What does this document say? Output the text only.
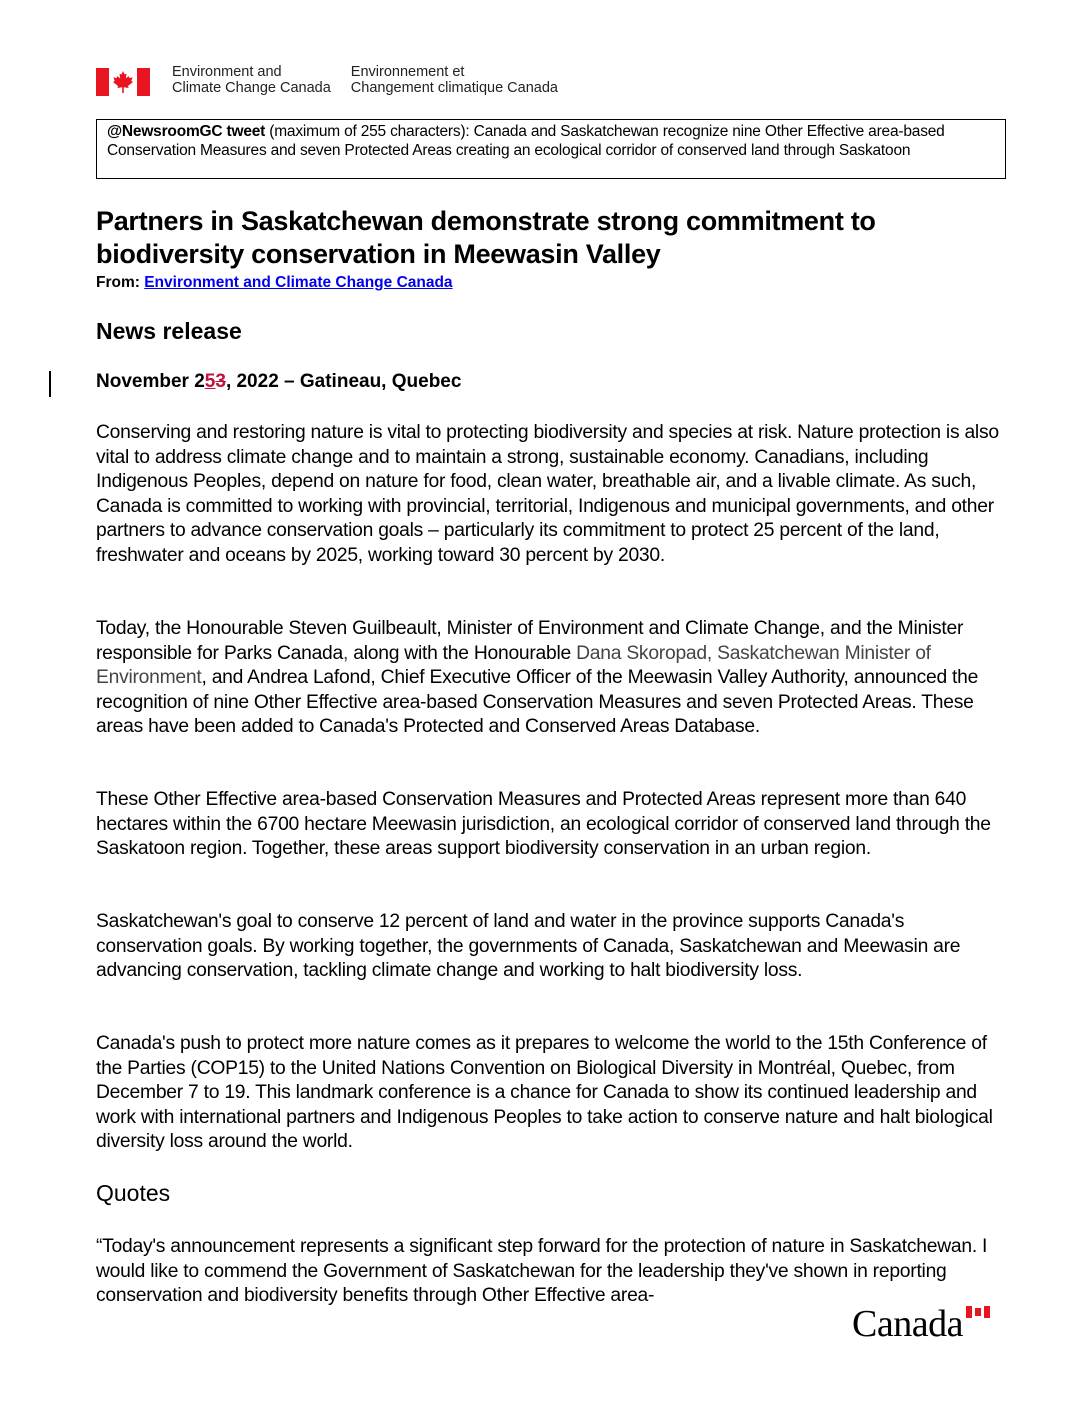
Environment and
Climate Change Canada
Environnement et
Changement climatique Canada
@NewsroomGC tweet (maximum of 255 characters): Canada and Saskatchewan recognize nine Other Effective area-based Conservation Measures and seven Protected Areas creating an ecological corridor of conserved land through Saskatoon
Partners in Saskatchewan demonstrate strong commitment to biodiversity conservation in Meewasin Valley
From: Environment and Climate Change Canada
News release
November 253, 2022 – Gatineau, Quebec

Conserving and restoring nature is vital to protecting biodiversity and species at risk. Nature protection is also vital to address climate change and to maintain a strong, sustainable economy. Canadians, including Indigenous Peoples, depend on nature for food, clean water, breathable air, and a livable climate. As such, Canada is committed to working with provincial, territorial, Indigenous and municipal governments, and other partners to advance conservation goals – particularly its commitment to protect 25 percent of the land, freshwater and oceans by 2025, working toward 30 percent by 2030.

Today, the Honourable Steven Guilbeault, Minister of Environment and Climate Change, and the Minister responsible for Parks Canada, along with the Honourable Dana Skoropad, Saskatchewan Minister of Environment, and Andrea Lafond, Chief Executive Officer of the Meewasin Valley Authority, announced the recognition of nine Other Effective area-based Conservation Measures and seven Protected Areas. These areas have been added to Canada's Protected and Conserved Areas Database.

These Other Effective area-based Conservation Measures and Protected Areas represent more than 640 hectares within the 6700 hectare Meewasin jurisdiction, an ecological corridor of conserved land through the Saskatoon region. Together, these areas support biodiversity conservation in an urban region.

Saskatchewan's goal to conserve 12 percent of land and water in the province supports Canada's conservation goals. By working together, the governments of Canada, Saskatchewan and Meewasin are advancing conservation, tackling climate change and working to halt biodiversity loss.

Canada's push to protect more nature comes as it prepares to welcome the world to the 15th Conference of the Parties (COP15) to the United Nations Convention on Biological Diversity in Montréal, Quebec, from December 7 to 19. This landmark conference is a chance for Canada to show its continued leadership and work with international partners and Indigenous Peoples to take action to conserve nature and halt biological diversity loss around the world.

Quotes

“Today's announcement represents a significant step forward for the protection of nature in Saskatchewan. I would like to commend the Government of Saskatchewan for the leadership they've shown in reporting conservation and biodiversity benefits through Other Effective area-

Canada
